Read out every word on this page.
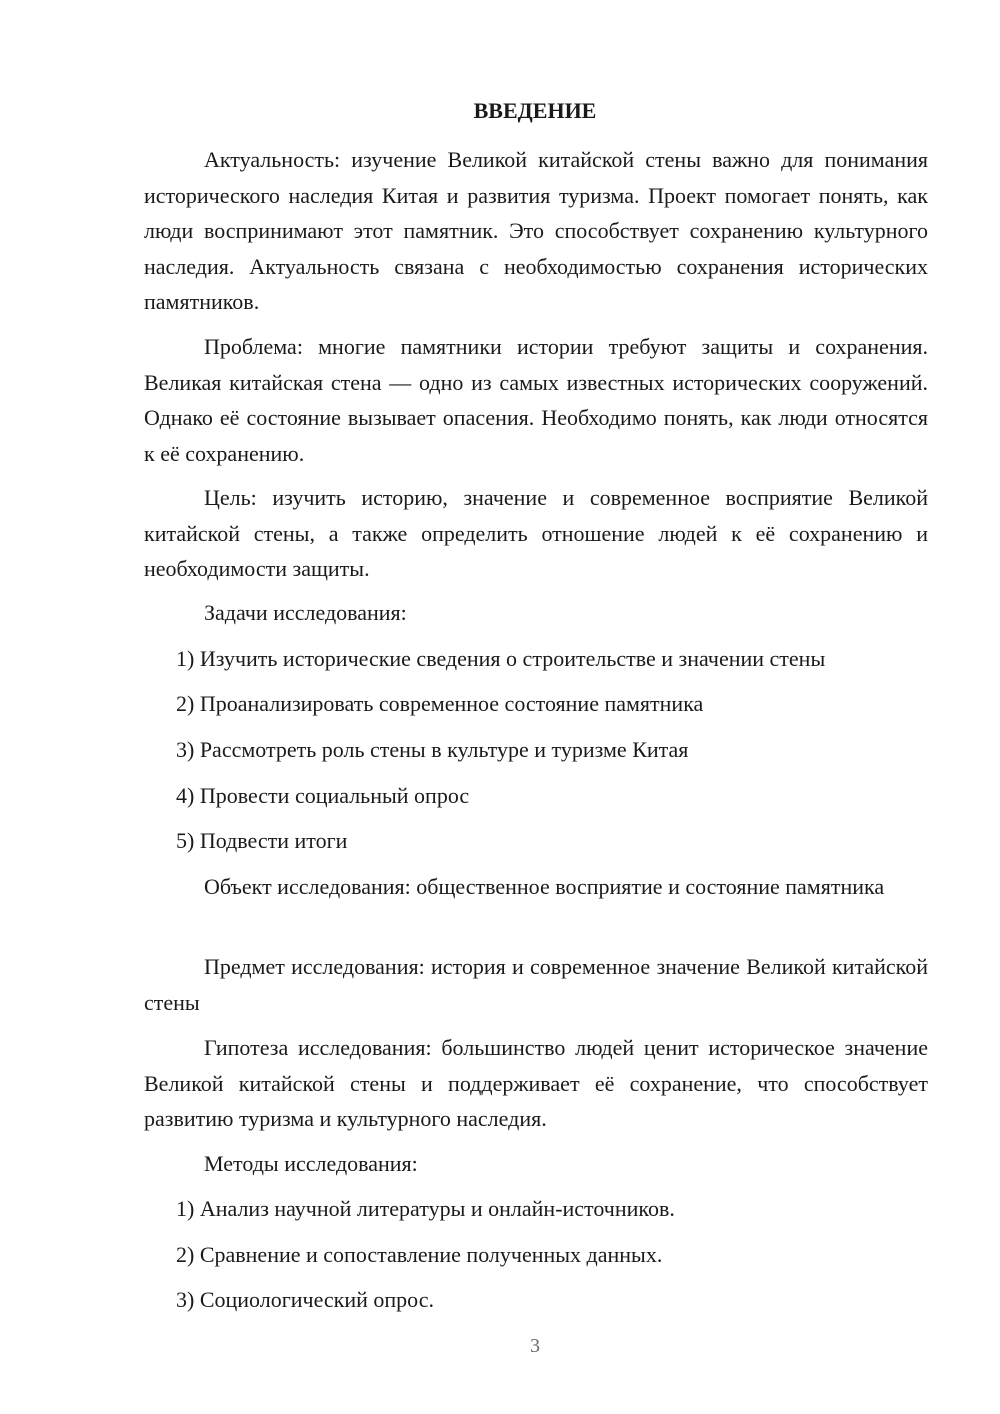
ВВЕДЕНИЕ

Актуальность: изучение Великой китайской стены важно для понимания исторического наследия Китая и развития туризма. Проект помогает понять, как люди воспринимают этот памятник. Это способствует сохранению культурного наследия. Актуальность связана с необходимостью сохранения исторических памятников.

Проблема: многие памятники истории требуют защиты и сохранения. Великая китайская стена — одно из самых известных исторических сооружений. Однако её состояние вызывает опасения. Необходимо понять, как люди относятся к её сохранению.

Цель: изучить историю, значение и современное восприятие Великой китайской стены, а также определить отношение людей к её сохранению и необходимости защиты.

Задачи исследования:

1) Изучить исторические сведения о строительстве и значении стены

2) Проанализировать современное состояние памятника

3) Рассмотреть роль стены в культуре и туризме Китая

4) Провести социальный опрос

5) Подвести итоги

Объект исследования: общественное восприятие и состояние памятника

Предмет исследования: история и современное значение Великой китайской стены

Гипотеза исследования: большинство людей ценит историческое значение Великой китайской стены и поддерживает её сохранение, что способствует развитию туризма и культурного наследия.

Методы исследования:

1) Анализ научной литературы и онлайн-источников.

2) Сравнение и сопоставление полученных данных.

3) Социологический опрос.

3
